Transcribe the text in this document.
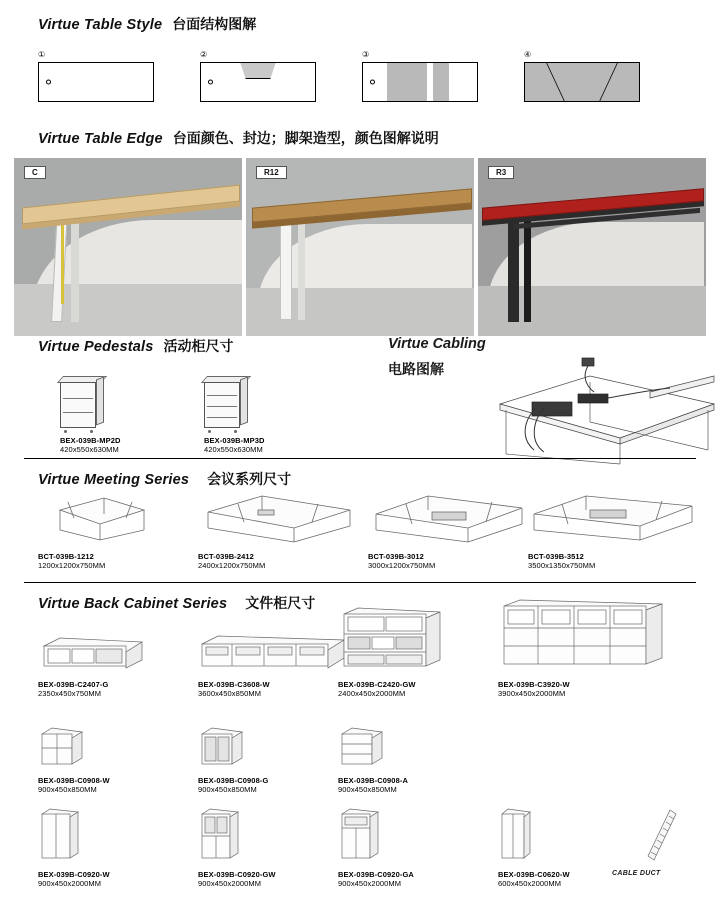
Virtue Table Style 台面结构图解
①	②	③	④
Virtue Table Edge 台面颜色、封边；脚架造型，颜色图解说明
C	R12	R3
Virtue Pedestals 活动柜尺寸	Virtue Cabling
电路图解
BEX-039B-MP2D
420x550x630MM
BEX-039B-MP3D
420x550x630MM
Virtue Meeting Series 会议系列尺寸
BCT-039B-1212
1200x1200x750MM
BCT-039B-2412
2400x1200x750MM
BCT-039B-3012
3000x1200x750MM
BCT-039B-3512
3500x1350x750MM
Virtue Back Cabinet Series 文件柜尺寸
BEX-039B-C2407-G
2350x450x750MM
BEX-039B-C3608-W
3600x450x850MM
BEX-039B-C2420-GW
2400x450x2000MM
BEX-039B-C3920-W
3900x450x2000MM
BEX-039B-C0908-W
900x450x850MM
BEX-039B-C0908-G
900x450x850MM
BEX-039B-C0908-A
900x450x850MM
BEX-039B-C0920-W
900x450x2000MM
BEX-039B-C0920-GW
900x450x2000MM
BEX-039B-C0920-GA
900x450x2000MM
BEX-039B-C0620-W
600x450x2000MM
CABLE DUCT
